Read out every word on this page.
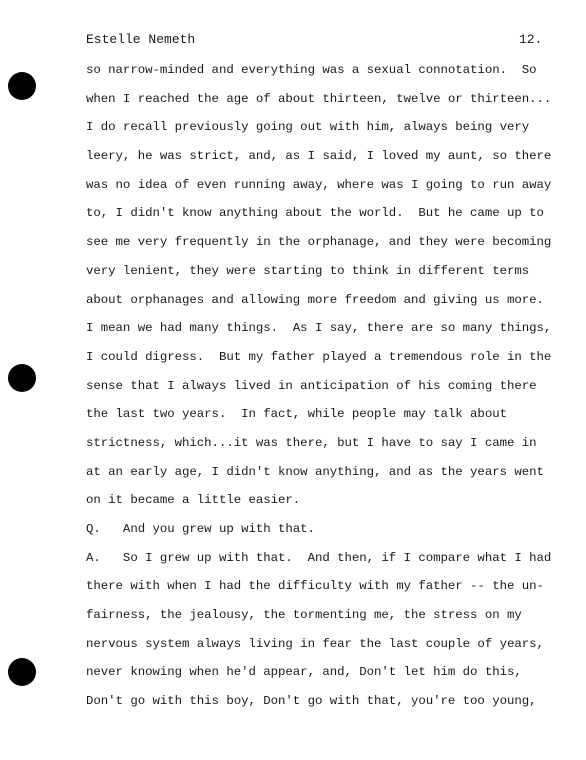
Estelle Nemeth	12.
so narrow-minded and everything was a sexual connotation.  So
when I reached the age of about thirteen, twelve or thirteen...
I do recall previously going out with him, always being very
leery, he was strict, and, as I said, I loved my aunt, so there
was no idea of even running away, where was I going to run away
to, I didn't know anything about the world.  But he came up to
see me very frequently in the orphanage, and they were becoming
very lenient, they were starting to think in different terms
about orphanages and allowing more freedom and giving us more.
I mean we had many things.  As I say, there are so many things,
I could digress.  But my father played a tremendous role in the
sense that I always lived in anticipation of his coming there
the last two years.  In fact, while people may talk about
strictness, which...it was there, but I have to say I came in
at an early age, I didn't know anything, and as the years went
on it became a little easier.
Q.   And you grew up with that.
A.   So I grew up with that.  And then, if I compare what I had
there with when I had the difficulty with my father -- the un-
fairness, the jealousy, the tormenting me, the stress on my
nervous system always living in fear the last couple of years,
never knowing when he'd appear, and, Don't let him do this,
Don't go with this boy, Don't go with that, you're too young,
